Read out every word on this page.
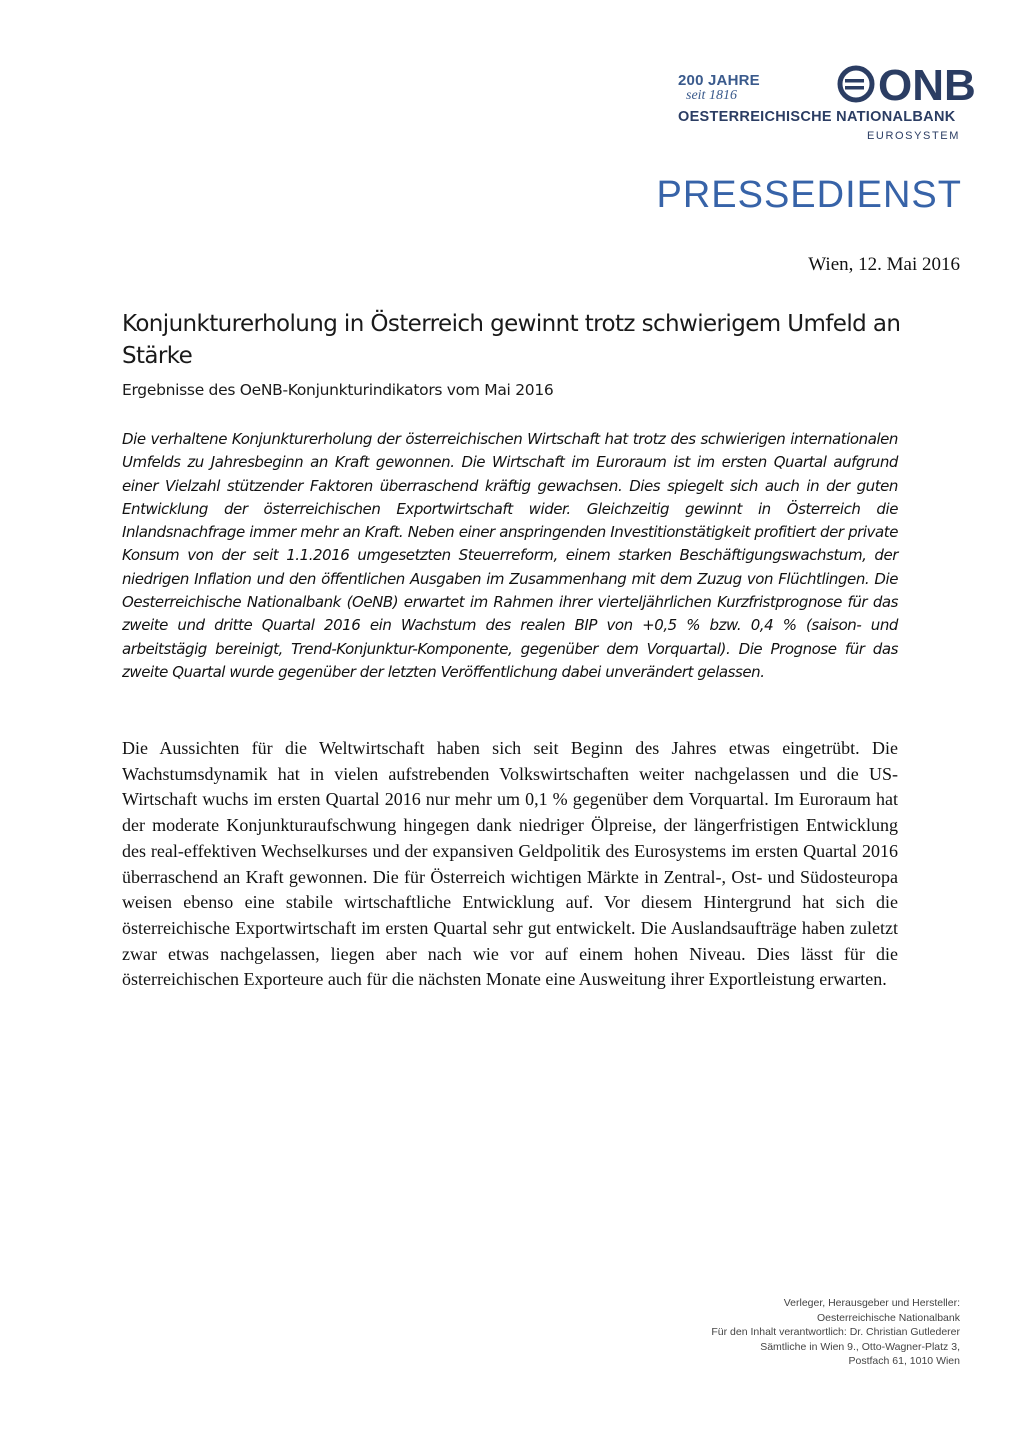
200 JAHRE
seit 1816	ONB
OESTERREICHISCHE NATIONALBANK
EUROSYSTEM
PRESSEDIENST
Wien, 12. Mai 2016
Konjunkturerholung in Österreich gewinnt trotz schwierigem Umfeld an Stärke
Ergebnisse des OeNB-Konjunkturindikators vom Mai 2016

Die verhaltene Konjunkturerholung der österreichischen Wirtschaft hat trotz des schwierigen internationalen Umfelds zu Jahresbeginn an Kraft gewonnen. Die Wirtschaft im Euroraum ist im ersten Quartal aufgrund einer Vielzahl stützender Faktoren überraschend kräftig gewachsen. Dies spiegelt sich auch in der guten Entwicklung der österreichischen Exportwirtschaft wider. Gleichzeitig gewinnt in Österreich die Inlandsnachfrage immer mehr an Kraft. Neben einer anspringenden Investitionstätigkeit profitiert der private Konsum von der seit 1.1.2016 umgesetzten Steuerreform, einem starken Beschäftigungswachstum, der niedrigen Inflation und den öffentlichen Ausgaben im Zusammenhang mit dem Zuzug von Flüchtlingen. Die Oesterreichische Nationalbank (OeNB) erwartet im Rahmen ihrer vierteljährlichen Kurzfristprognose für das zweite und dritte Quartal 2016 ein Wachstum des realen BIP von +0,5 % bzw. 0,4 % (saison- und arbeitstägig bereinigt, Trend-Konjunktur-Komponente, gegenüber dem Vorquartal). Die Prognose für das zweite Quartal wurde gegenüber der letzten Veröffentlichung dabei unverändert gelassen.

Die Aussichten für die Weltwirtschaft haben sich seit Beginn des Jahres etwas eingetrübt. Die Wachstumsdynamik hat in vielen aufstrebenden Volkswirtschaften weiter nachgelassen und die US-Wirtschaft wuchs im ersten Quartal 2016 nur mehr um 0,1 % gegenüber dem Vorquartal. Im Euroraum hat der moderate Konjunkturaufschwung hingegen dank niedriger Ölpreise, der längerfristigen Entwicklung des real-effektiven Wechselkurses und der expansiven Geldpolitik des Eurosystems im ersten Quartal 2016 überraschend an Kraft gewonnen. Die für Österreich wichtigen Märkte in Zentral-, Ost- und Südosteuropa weisen ebenso eine stabile wirtschaftliche Entwicklung auf. Vor diesem Hintergrund hat sich die österreichische Exportwirtschaft im ersten Quartal sehr gut entwickelt. Die Auslandsaufträge haben zuletzt zwar etwas nachgelassen, liegen aber nach wie vor auf einem hohen Niveau. Dies lässt für die österreichischen Exporteure auch für die nächsten Monate eine Ausweitung ihrer Exportleistung erwarten.

Verleger, Herausgeber und Hersteller:
Oesterreichische Nationalbank
Für den Inhalt verantwortlich: Dr. Christian Gutlederer
Sämtliche in Wien 9., Otto-Wagner-Platz 3,
Postfach 61, 1010 Wien
